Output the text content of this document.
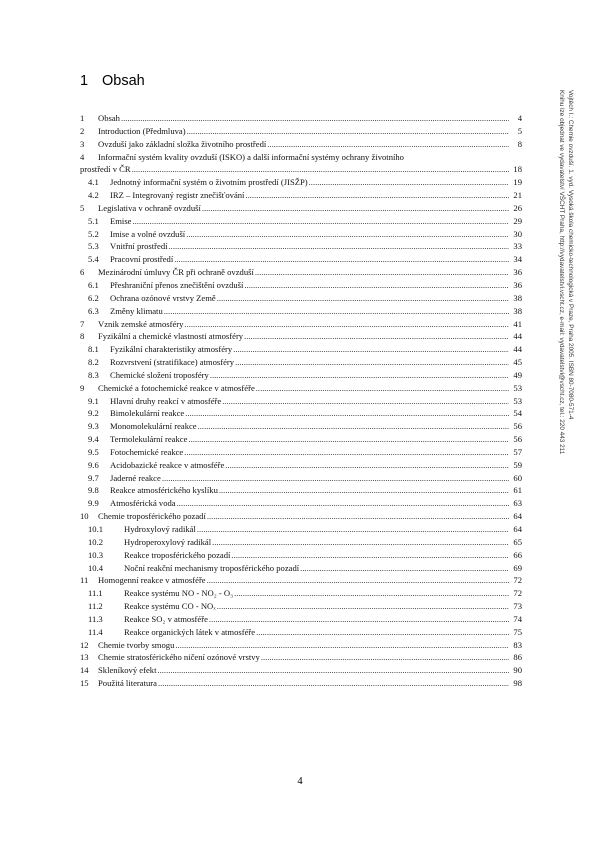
1 Obsah
1	Obsah .....	4
2	Introduction (Předmluva) .....	5
3	Ovzduší jako základní složka životního prostředí .....	8
4	Informační systém kvality ovzduší (ISKO) a další informační systémy ochrany životního
prostředí v ČR .....	18
4.1	Jednotný informační systém o životním prostředí (JISŽP) .....	19
4.2	IRZ – Integrovaný registr znečišťování .....	21
5	Legislativa v ochraně ovzduší .....	26
5.1	Emise .....	29
5.2	Imise a volné ovzduší .....	30
5.3	Vnitřní prostředí .....	33
5.4	Pracovní prostředí .....	34
6	Mezinárodní úmluvy ČR při ochraně ovzduší .....	36
6.1	Přeshraniční přenos znečištění ovzduší .....	36
6.2	Ochrana ozónové vrstvy Země .....	38
6.3	Změny klimatu .....	38
7	Vznik zemské atmosféry .....	41
8	Fyzikální a chemické vlastnosti atmosféry .....	44
8.1	Fyzikální charakteristiky atmosféry .....	44
8.2	Rozvrstvení (stratifikace) atmosféry .....	45
8.3	Chemické složení troposféry .....	49
9	Chemické a fotochemické reakce v atmosféře .....	53
9.1	Hlavní druhy reakcí v atmosféře .....	53
9.2	Bimolekulární reakce .....	54
9.3	Monomolekulární reakce .....	56
9.4	Termolekulární reakce .....	56
9.5	Fotochemické reakce .....	57
9.6	Acidobazické reakce v atmosféře .....	59
9.7	Jaderné reakce .....	60
9.8	Reakce atmosférického kyslíku .....	61
9.9	Atmosférická voda .....	63
10	Chemie troposférického pozadí .....	64
10.1	Hydroxylový radikál .....	64
10.2	Hydroperoxylový radikál .....	65
10.3	Reakce troposférického pozadí .....	66
10.4	Noční reakční mechanismy troposférického pozadí .....	69
11	Homogenní reakce v atmosféře .....	72
11.1	Reakce systému NO - NO₂ - O₃ .....	72
11.2	Reakce systému CO - NOₓ .....	73
11.3	Reakce SO₂ v atmosféře .....	74
11.4	Reakce organických látek v atmosféře .....	75
12	Chemie tvorby smogu .....	83
13	Chemie stratosférického ničení ozónové vrstvy .....	86
14	Skleníkový efekt .....	90
15	Použitá literatura .....	98
4
Vojtěch I.: Chemie ovzduší. 1. vyd. Vysoká škola chemicko-technologická v Praze, Praha 2005. ISBN 80-7080-571-4
Knihu lze objednat ve vydavatelství VŠCHT Praha, http://vydavatelstvi.vscht.cz, e-mail: vydavatelstvi@vscht.cz, tel.: 220 443 211
